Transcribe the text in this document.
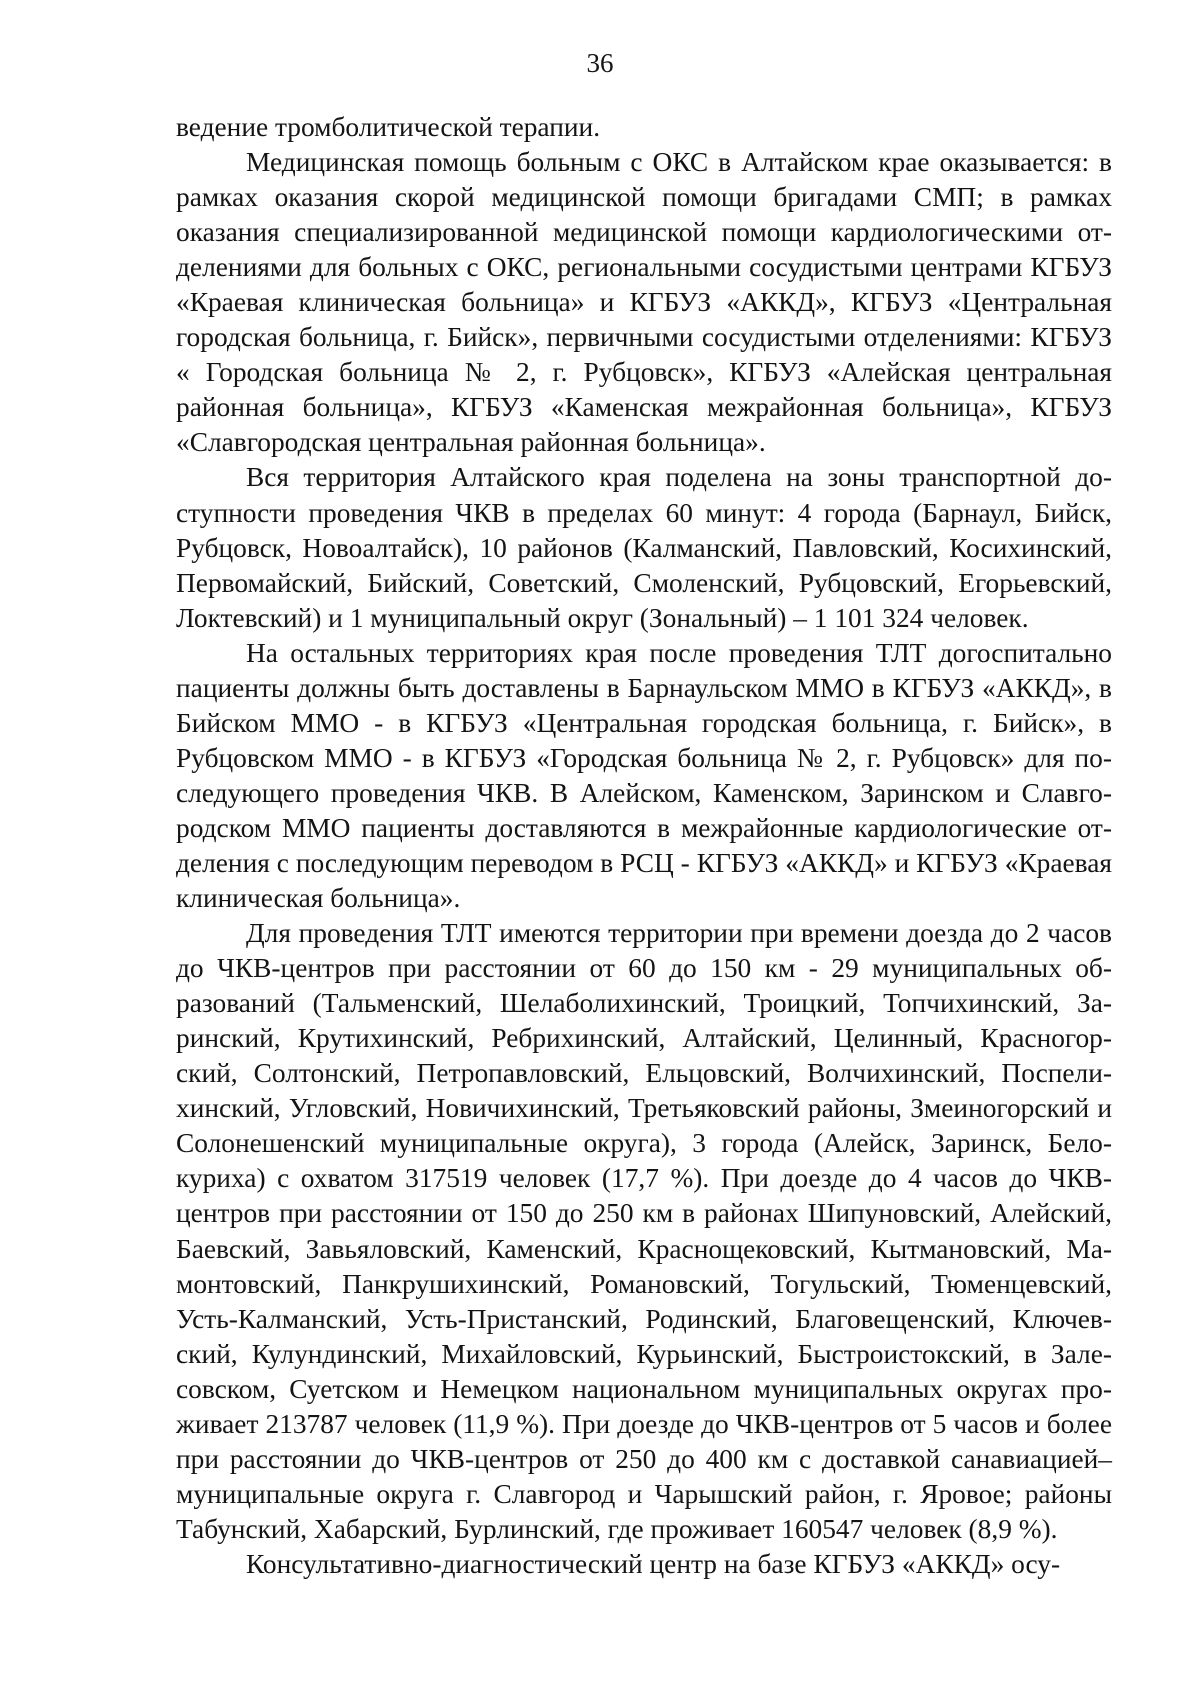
36

ведение тромболитической терапии.

Медицинская помощь больным с ОКС в Алтайском крае оказывается: в рамках оказания скорой медицинской помощи бригадами СМП; в рамках оказания специализированной медицинской помощи кардиологическими отделениями для больных с ОКС, региональными сосудистыми центрами КГБУЗ «Краевая клиническая больница» и КГБУЗ «АККД», КГБУЗ «Центральная городская больница, г. Бийск», первичными сосудистыми отделениями: КГБУЗ « Городская больница № 2, г. Рубцовск», КГБУЗ «Алейская центральная районная больница», КГБУЗ «Каменская межрайонная больница», КГБУЗ «Славгородская центральная районная больница».

Вся территория Алтайского края поделена на зоны транспортной доступности проведения ЧКВ в пределах 60 минут: 4 города (Барнаул, Бийск, Рубцовск, Новоалтайск), 10 районов (Калманский, Павловский, Косихинский, Первомайский, Бийский, Советский, Смоленский, Рубцовский, Егорьевский, Локтевский) и 1 муниципальный округ (Зональный) – 1 101 324 человек.

На остальных территориях края после проведения ТЛТ догоспитально пациенты должны быть доставлены в Барнаульском ММО в КГБУЗ «АККД», в Бийском ММО - в КГБУЗ «Центральная городская больница, г. Бийск», в Рубцовском ММО - в КГБУЗ «Городская больница № 2, г. Рубцовск» для последующего проведения ЧКВ. В Алейском, Каменском, Заринском и Славгородском ММО пациенты доставляются в межрайонные кардиологические отделения с последующим переводом в РСЦ - КГБУЗ «АККД» и КГБУЗ «Краевая клиническая больница».

Для проведения ТЛТ имеются территории при времени доезда до 2 часов до ЧКВ-центров при расстоянии от 60 до 150 км - 29 муниципальных образований (Тальменский, Шелаболихинский, Троицкий, Топчихинский, Заринский, Крутихинский, Ребрихинский, Алтайский, Целинный, Красногорский, Солтонский, Петропавловский, Ельцовский, Волчихинский, Поспелихинский, Угловский, Новичихинский, Третьяковский районы, Змеиногорский и Солонешенский муниципальные округа), 3 города (Алейск, Заринск, Белокуриха) с охватом 317519 человек (17,7 %). При доезде до 4 часов до ЧКВ-центров при расстоянии от 150 до 250 км в районах Шипуновский, Алейский, Баевский, Завьяловский, Каменский, Краснощековский, Кытмановский, Мамонтовский, Панкрушихинский, Романовский, Тогульский, Тюменцевский, Усть-Калманский, Усть-Пристанский, Родинский, Благовещенский, Ключевский, Кулундинский, Михайловский, Курьинский, Быстроистокский, в Залесовском, Суетском и Немецком национальном муниципальных округах проживает 213787 человек (11,9 %). При доезде до ЧКВ-центров от 5 часов и более при расстоянии до ЧКВ-центров от 250 до 400 км с доставкой санавиацией– муниципальные округа г. Славгород и Чарышский район, г. Яровое; районы Табунский, Хабарский, Бурлинский, где проживает 160547 человек (8,9 %).

Консультативно-диагностический центр на базе КГБУЗ «АККД» осу-
